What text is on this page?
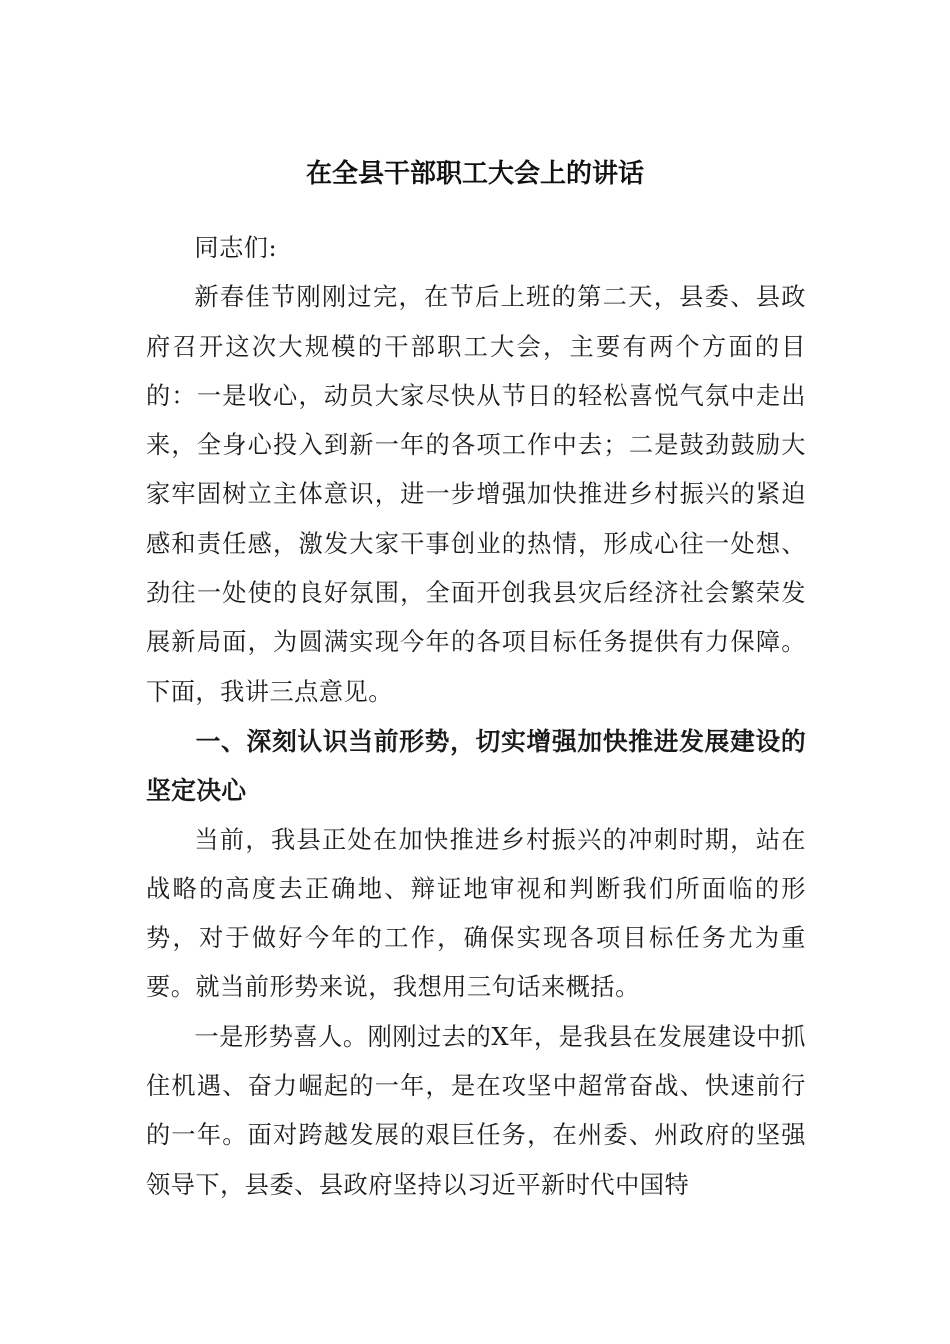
在全县干部职工大会上的讲话

同志们:

新春佳节刚刚过完，在节后上班的第二天，县委、县政府召开这次大规模的干部职工大会，主要有两个方面的目的：一是收心，动员大家尽快从节日的轻松喜悦气氛中走出来，全身心投入到新一年的各项工作中去；二是鼓劲鼓励大家牢固树立主体意识，进一步增强加快推进乡村振兴的紧迫感和责任感，激发大家干事创业的热情，形成心往一处想、劲往一处使的良好氛围，全面开创我县灾后经济社会繁荣发展新局面，为圆满实现今年的各项目标任务提供有力保障。下面，我讲三点意见。

一、深刻认识当前形势，切实增强加快推进发展建设的坚定决心

当前，我县正处在加快推进乡村振兴的冲刺时期，站在战略的高度去正确地、辩证地审视和判断我们所面临的形势，对于做好今年的工作，确保实现各项目标任务尤为重要。就当前形势来说，我想用三句话来概括。

一是形势喜人。刚刚过去的X年，是我县在发展建设中抓住机遇、奋力崛起的一年，是在攻坚中超常奋战、快速前行的一年。面对跨越发展的艰巨任务，在州委、州政府的坚强领导下，县委、县政府坚持以习近平新时代中国特
